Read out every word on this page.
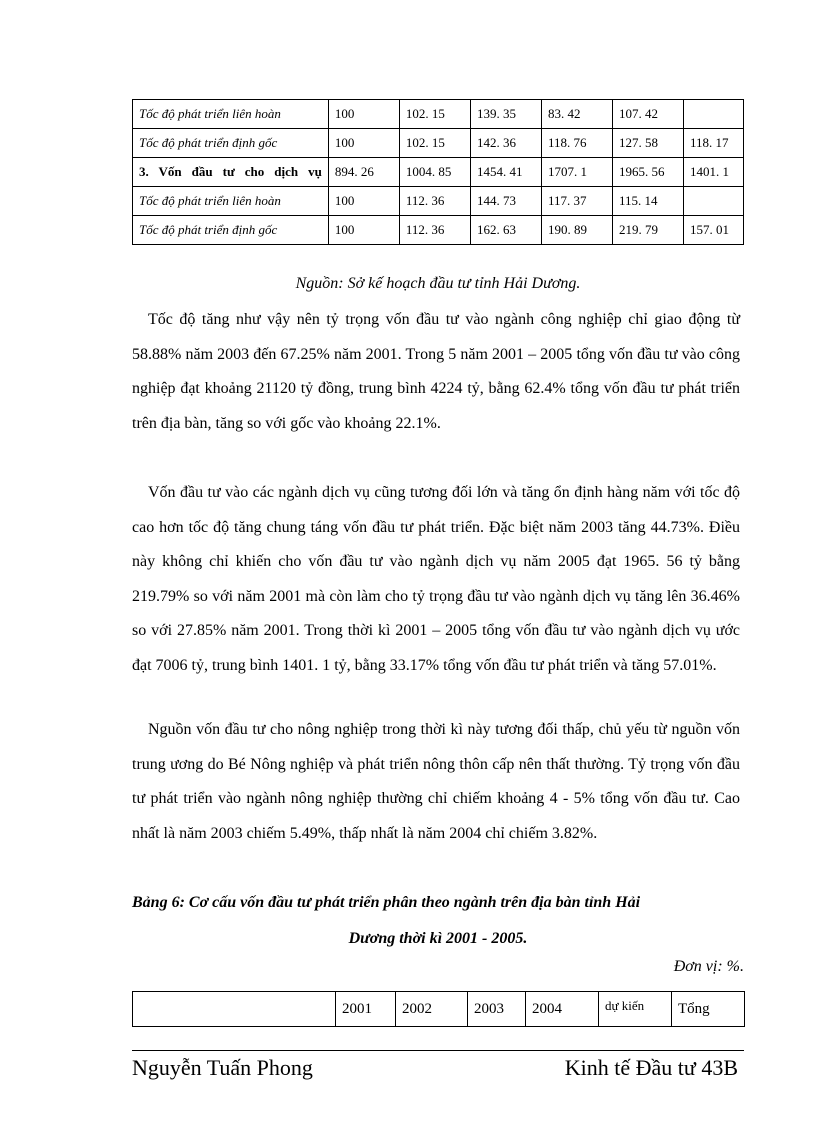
Tốc độ phát triển liên hoàn	100	102. 15	139. 35	83. 42	107. 42	
Tốc độ phát triển định gốc	100	102. 15	142. 36	118. 76	127. 58	118. 17
3. Vốn đầu tư cho dịch vụ	894. 26	1004. 85	1454. 41	1707. 1	1965. 56	1401. 1
Tốc độ phát triển liên hoàn	100	112. 36	144. 73	117. 37	115. 14	
Tốc độ phát triển định gốc	100	112. 36	162. 63	190. 89	219. 79	157. 01
Nguồn: Sở kế hoạch đầu tư tỉnh Hải Dương.

Tốc độ tăng như vậy nên tỷ trọng vốn đầu tư vào ngành công nghiệp chỉ giao động từ 58.88% năm 2003 đến 67.25% năm 2001. Trong 5 năm 2001 – 2005 tổng vốn đầu tư vào công nghiệp đạt khoảng 21120 tỷ đồng, trung bình 4224 tỷ, bằng 62.4% tổng vốn đầu tư phát triển trên địa bàn, tăng so với gốc vào khoảng 22.1%.

Vốn đầu tư vào các ngành dịch vụ cũng tương đối lớn và tăng ổn định hàng năm với tốc độ cao hơn tốc độ tăng chung táng vốn đầu tư phát triển. Đặc biệt năm 2003 tăng 44.73%. Điều này không chỉ khiến cho vốn đầu tư vào ngành dịch vụ năm 2005 đạt 1965. 56 tỷ bằng 219.79% so với năm 2001 mà còn làm cho tỷ trọng đầu tư vào ngành dịch vụ tăng lên 36.46% so với 27.85% năm 2001. Trong thời kì 2001 – 2005 tổng vốn đầu tư vào ngành dịch vụ ước đạt 7006 tỷ, trung bình 1401. 1 tỷ, bằng 33.17% tổng vốn đầu tư phát triển và tăng 57.01%.

Nguồn vốn đầu tư cho nông nghiệp trong thời kì này tương đối thấp, chủ yếu từ nguồn vốn trung ương do Bé Nông nghiệp và phát triển nông thôn cấp nên thất thường. Tỷ trọng vốn đầu tư phát triển vào ngành nông nghiệp thường chỉ chiếm khoảng 4 - 5% tổng vốn đầu tư. Cao nhất là năm 2003 chiếm 5.49%, thấp nhất là năm 2004 chỉ chiếm 3.82%.

Bảng 6: Cơ cấu vốn đầu tư phát triển phân theo ngành trên địa bàn tỉnh Hải

Dương thời kì 2001 - 2005.

Đơn vị: %.
	2001	2002	2003	2004	dự kiến	Tổng
Nguyễn Tuấn Phong	Kinh tế Đầu tư 43B
